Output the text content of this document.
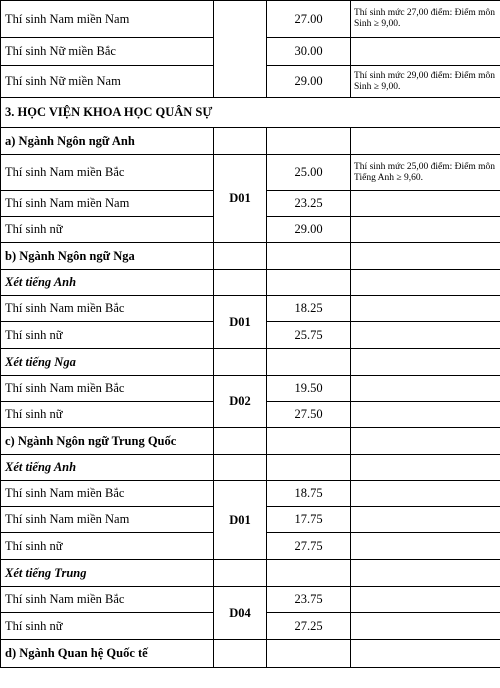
Thí sinh Nam miền Nam		27.00	Thí sinh mức 27,00 điểm: Điểm môn Sinh ≥ 9,00.
Thí sinh Nữ miền Bắc		30.00	
Thí sinh Nữ miền Nam		29.00	Thí sinh mức 29,00 điểm: Điểm môn Sinh ≥ 9,00.
3. HỌC VIỆN KHOA HỌC QUÂN SỰ			
a) Ngành Ngôn ngữ Anh			
Thí sinh Nam miền Bắc	D01	25.00	Thí sinh mức 25,00 điểm: Điểm môn Tiếng Anh ≥ 9,60.
Thí sinh Nam miền Nam		23.25	
Thí sinh nữ		29.00	
b) Ngành Ngôn ngữ Nga			
Xét tiếng Anh			
Thí sinh Nam miền Bắc	D01	18.25	
Thí sinh nữ		25.75	
Xét tiếng Nga			
Thí sinh Nam miền Bắc	D02	19.50	
Thí sinh nữ		27.50	
c) Ngành Ngôn ngữ Trung Quốc			
Xét tiếng Anh			
Thí sinh Nam miền Bắc	D01	18.75	
Thí sinh Nam miền Nam		17.75	
Thí sinh nữ		27.75	
Xét tiếng Trung			
Thí sinh Nam miền Bắc	D04	23.75	
Thí sinh nữ		27.25	
d) Ngành Quan hệ Quốc tế			
